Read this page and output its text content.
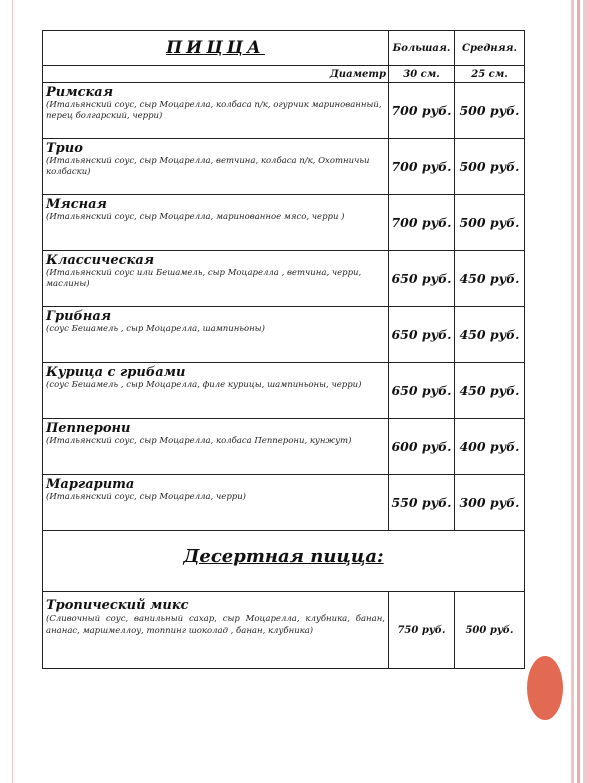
ПИЦЦА	Большая.	Средняя.
Диаметр	30 см.	25 см.

Римская
(Итальянский соус, сыр Моцарелла, колбаса п/к, огурчик маринованный, перец болгарский, черри)	700 руб.	500 руб.

Трио
(Итальянский соус, сыр Моцарелла, ветчина, колбаса п/к, Охотничьи колбаски)	700 руб.	500 руб.

Мясная
(Итальянский соус, сыр Моцарелла, маринованное мясо, черри )	700 руб.	500 руб.

Классическая
(Итальянский соус или Бешамель, сыр Моцарелла , ветчина, черри, маслины)	650 руб.	450 руб.

Грибная
(соус Бешамель , сыр Моцарелла, шампиньоны)	650 руб.	450 руб.

Курица с грибами
(соус Бешамель , сыр Моцарелла, филе курицы, шампиньоны, черри)	650 руб.	450 руб.

Пепперони
(Итальянский соус, сыр Моцарелла, колбаса Пепперони, кунжут)	600 руб.	400 руб.

Маргарита
(Итальянский соус, сыр Моцарелла, черри)	550 руб.	300 руб.
Десертная пицца:		

Тропический микс
(Сливочный соус, ванильный сахар, сыр Моцарелла, клубника, банан, ананас, маршмеллоу, топпинг шоколад , банан, клубника)	750 руб.	500 руб.
